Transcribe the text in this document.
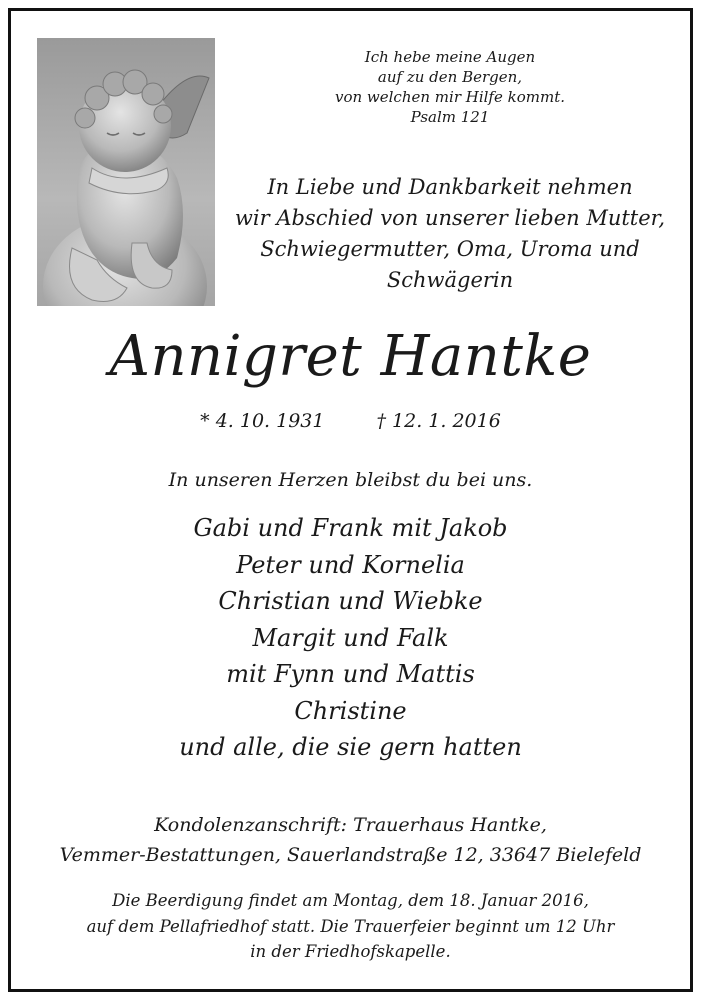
Ich hebe meine Augen
auf zu den Bergen,
von welchen mir Hilfe kommt.
Psalm 121
In Liebe und Dankbarkeit nehmen
wir Abschied von unserer lieben Mutter,
Schwiegermutter, Oma, Uroma und
Schwägerin
Annigret Hantke
* 4. 10. 1931	† 12. 1. 2016
In unseren Herzen bleibst du bei uns.
Gabi und Frank mit Jakob
Peter und Kornelia
Christian und Wiebke
Margit und Falk
mit Fynn und Mattis
Christine
und alle, die sie gern hatten
Kondolenzanschrift: Trauerhaus Hantke,
Vemmer-Bestattungen, Sauerlandstraße 12, 33647 Bielefeld
Die Beerdigung findet am Montag, dem 18. Januar 2016,
auf dem Pellafriedhof statt. Die Trauerfeier beginnt um 12 Uhr
in der Friedhofskapelle.
